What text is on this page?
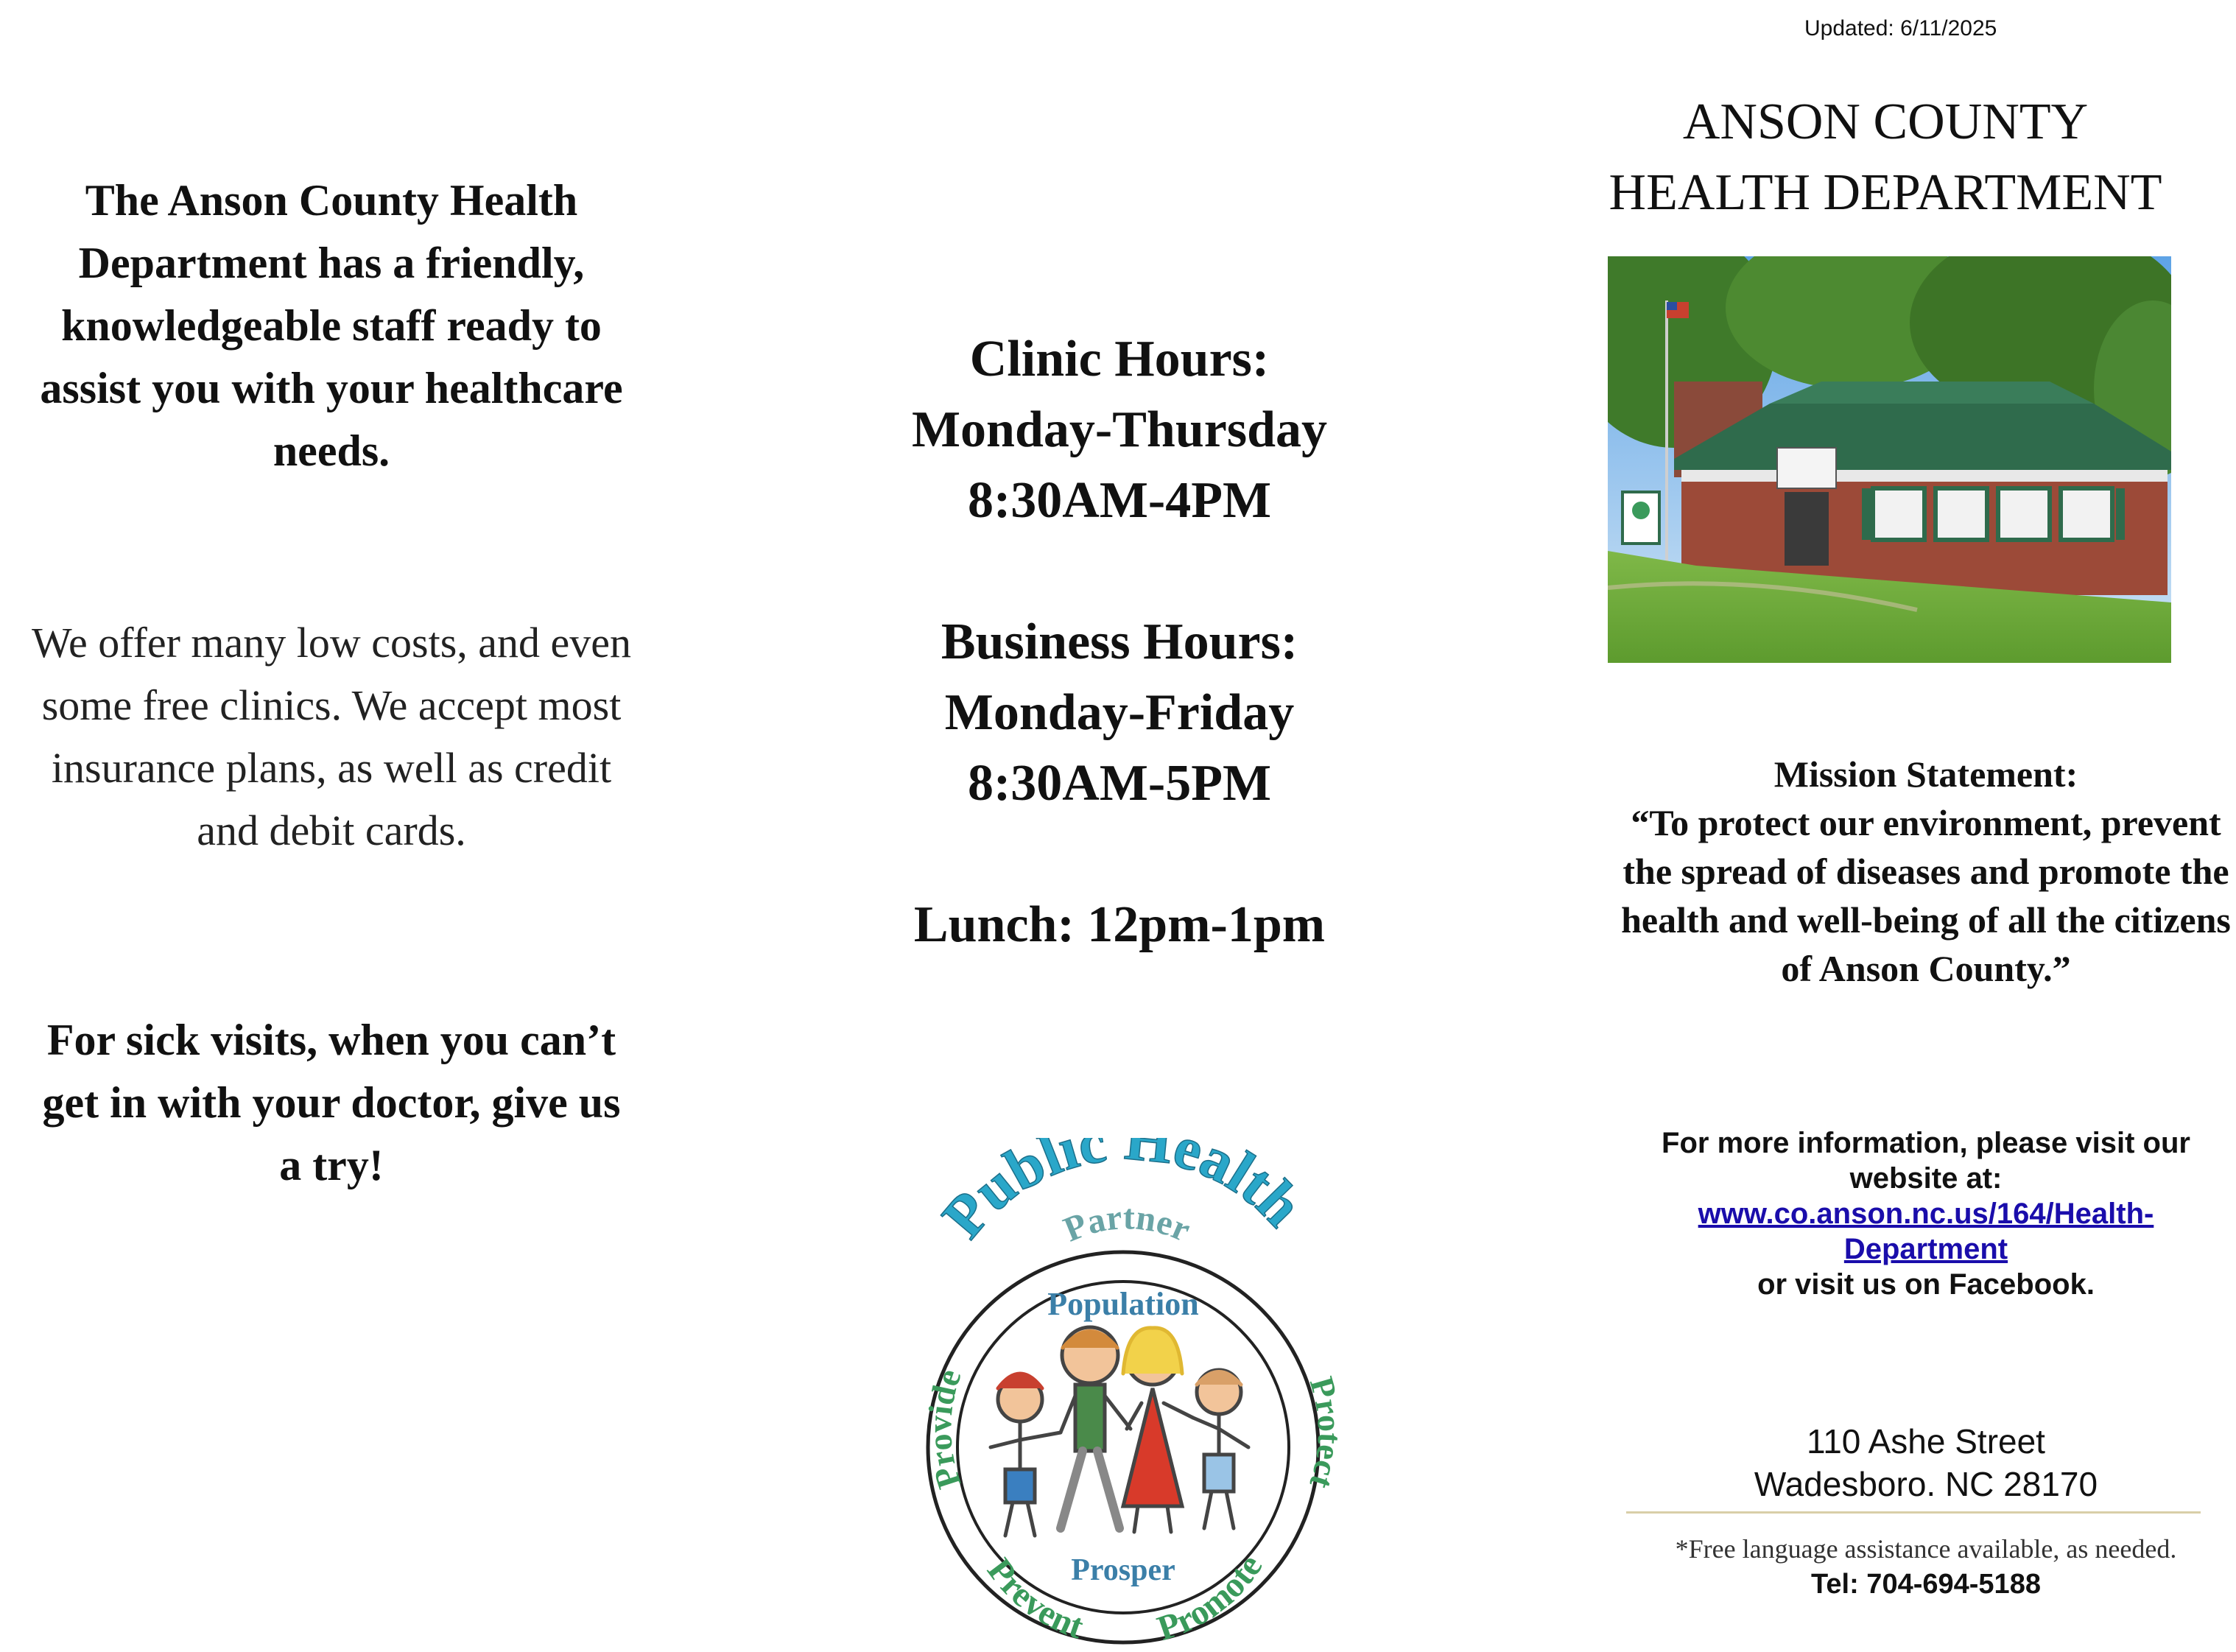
The Anson County Health Department has a friendly, knowledgeable staff ready to assist you with your healthcare needs.

We offer many low costs, and even some free clinics. We accept most insurance plans, as well as credit and debit cards.

For sick visits, when you can’t get in with your doctor, give us a try!

Clinic Hours:

Monday-Thursday

8:30AM-4PM

Business Hours:

Monday-Friday

8:30AM-5PM

Lunch: 12pm-1pm

Public Health
Partner
Provide	Pr ct
Prevent Promote
Population
Prosper
Updated: 6/11/2025
ANSON COUNTY
HEALTH DEPARTMENT

Mission Statement:

“To protect our environment, prevent the spread of diseases and promote the health and well-being of all the citizens of Anson County.”

For more information, please visit our website at:

www.co.anson.nc.us/164/Health-
Department

or visit us on Facebook.

110 Ashe Street

Wadesboro. NC 28170

*Free language assistance available, as needed.

Tel: 704-694-5188
